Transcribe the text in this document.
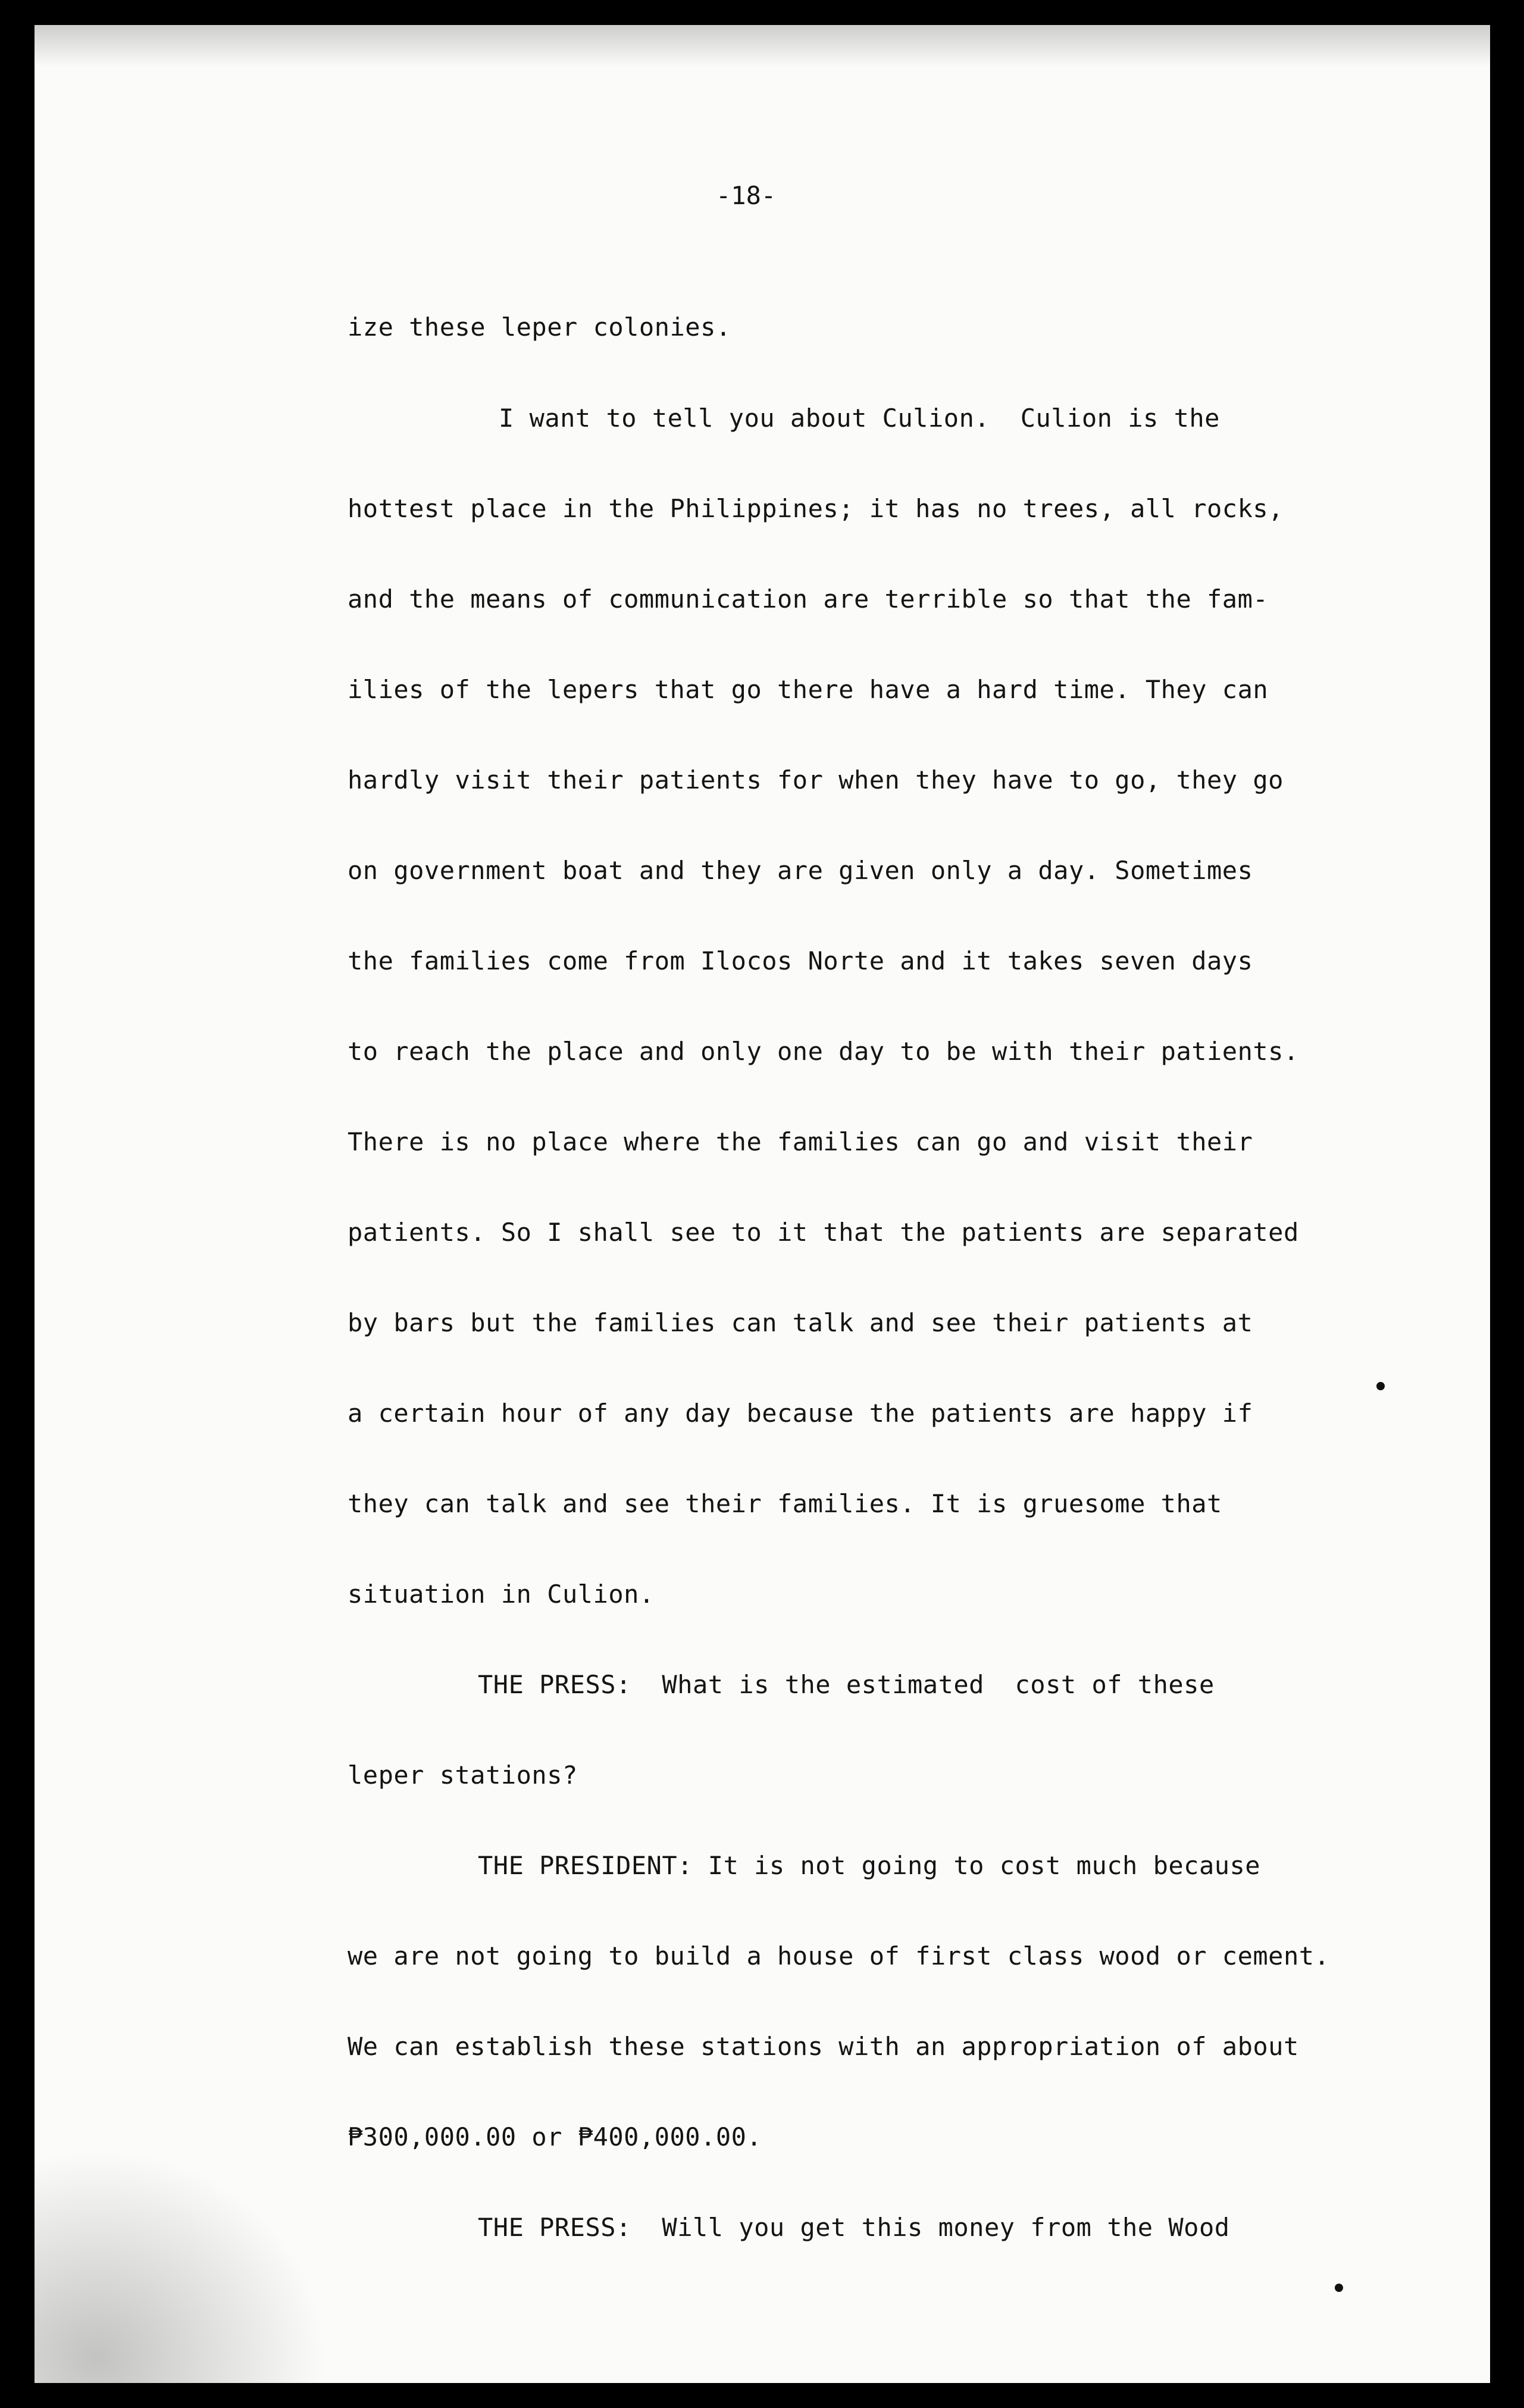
-18-
ize these leper colonies.
I want to tell you about Culion.  Culion is the
hottest place in the Philippines; it has no trees, all rocks,
and the means of communication are terrible so that the fam-
ilies of the lepers that go there have a hard time. They can
hardly visit their patients for when they have to go, they go
on government boat and they are given only a day. Sometimes
the families come from Ilocos Norte and it takes seven days
to reach the place and only one day to be with their patients.
There is no place where the families can go and visit their
patients. So I shall see to it that the patients are separated
by bars but the families can talk and see their patients at
a certain hour of any day because the patients are happy if
they can talk and see their families. It is gruesome that
situation in Culion.
THE PRESS:  What is the estimated  cost of these
leper stations?
THE PRESIDENT: It is not going to cost much because
we are not going to build a house of first class wood or cement.
We can establish these stations with an appropriation of about
₱300,000.00 or ₱400,000.00.
THE PRESS:  Will you get this money from the Wood
